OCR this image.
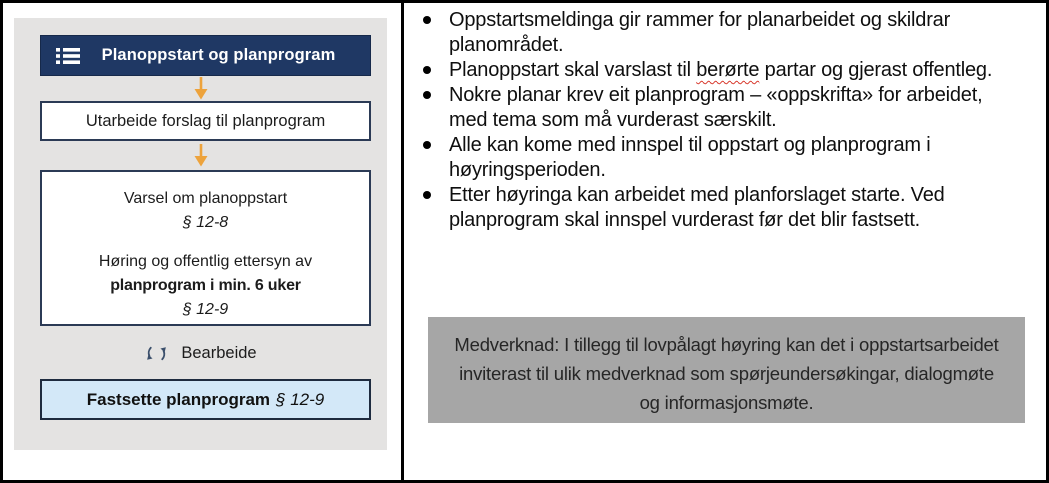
Planoppstart og planprogram
Utarbeide forslag til planprogram
Varsel om planoppstart
§ 12-8
Høring og offentlig ettersyn av
planprogram i min. 6 uker
§ 12-9
Bearbeide
Fastsette planprogram § 12-9
Oppstartsmeldinga gir rammer for planarbeidet og skildrar planområdet.
Planoppstart skal varslast til berørte partar og gjerast offentleg.
Nokre planar krev eit planprogram – «oppskrifta» for arbeidet, med tema som må vurderast særskilt.
Alle kan kome med innspel til oppstart og planprogram i høyringsperioden.
Etter høyringa kan arbeidet med planforslaget starte. Ved planprogram skal innspel vurderast før det blir fastsett.
Medverknad: I tillegg til lovpålagt høyring kan det i oppstartsarbeidet inviterast til ulik medverknad som spørjeundersøkingar, dialogmøte og informasjonsmøte.
